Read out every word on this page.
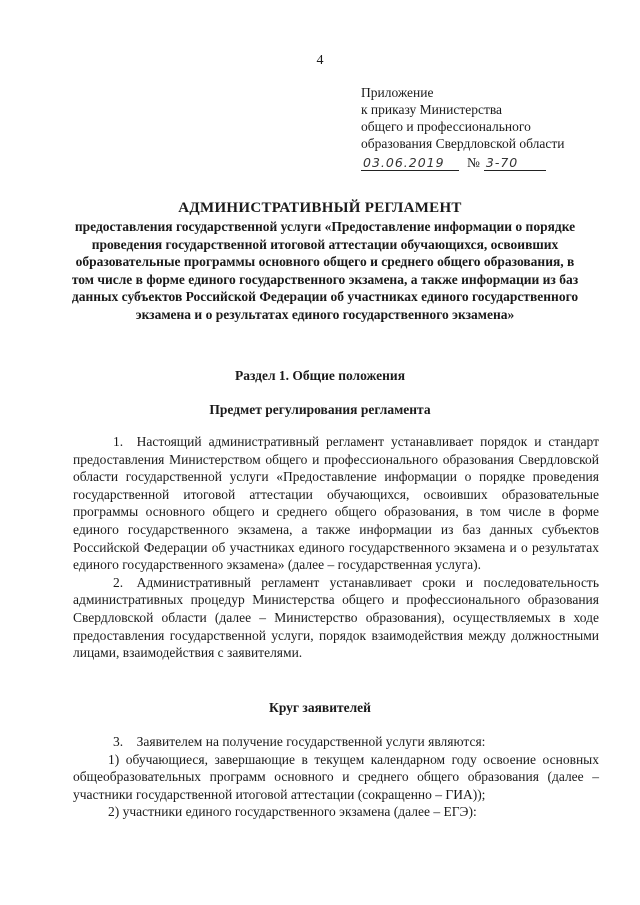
4
Приложение
к приказу Министерства
общего и профессионального
образования Свердловской области
03.06.2019 № 3-70
АДМИНИСТРАТИВНЫЙ РЕГЛАМЕНТ
предоставления государственной услуги «Предоставление информации о порядке проведения государственной итоговой аттестации обучающихся, освоивших образовательные программы основного общего и среднего общего образования, в том числе в форме единого государственного экзамена, а также информации из баз данных субъектов Российской Федерации об участниках единого государственного экзамена и о результатах единого государственного экзамена»
Раздел 1. Общие положения
Предмет регулирования регламента

1. Настоящий административный регламент устанавливает порядок и стандарт предоставления Министерством общего и профессионального образования Свердловской области государственной услуги «Предоставление информации о порядке проведения государственной итоговой аттестации обучающихся, освоивших образовательные программы основного общего и среднего общего образования, в том числе в форме единого государственного экзамена, а также информации из баз данных субъектов Российской Федерации об участниках единого государственного экзамена и о результатах единого государственного экзамена» (далее – государственная услуга).

2. Административный регламент устанавливает сроки и последовательность административных процедур Министерства общего и профессионального образования Свердловской области (далее – Министерство образования), осуществляемых в ходе предоставления государственной услуги, порядок взаимодействия между должностными лицами, взаимодействия с заявителями.

Круг заявителей

3. Заявителем на получение государственной услуги являются:

1) обучающиеся, завершающие в текущем календарном году освоение основных общеобразовательных программ основного и среднего общего образования (далее – участники государственной итоговой аттестации (сокращенно – ГИА));

2) участники единого государственного экзамена (далее – ЕГЭ):
